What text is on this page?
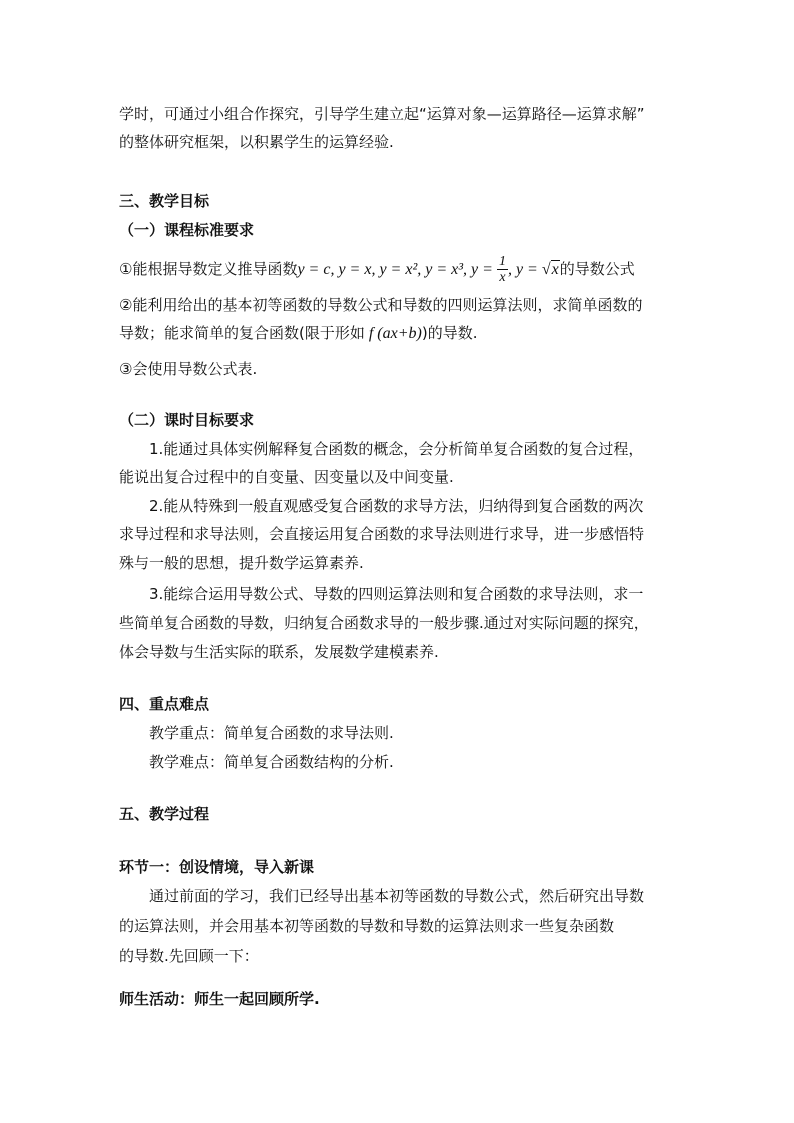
学时，可通过小组合作探究，引导学生建立起“运算对象—运算路径—运算求解”
的整体研究框架，以积累学生的运算经验.
三、教学目标
（一）课程标准要求
①能根据导数定义推导函数y = c, y = x, y = x², y = x³, $y = \frac{1}{x}$ , y = √x的导数公式
②能利用给出的基本初等函数的导数公式和导数的四则运算法则，求简单函数的
导数；能求简单的复合函数(限于形如 f (ax+b))的导数.
③会使用导数公式表.
（二）课时目标要求
1.能通过具体实例解释复合函数的概念，会分析简单复合函数的复合过程，
能说出复合过程中的自变量、因变量以及中间变量.
2.能从特殊到一般直观感受复合函数的求导方法，归纳得到复合函数的两次
求导过程和求导法则，会直接运用复合函数的求导法则进行求导，进一步感悟特
殊与一般的思想，提升数学运算素养.
3.能综合运用导数公式、导数的四则运算法则和复合函数的求导法则，求一
些简单复合函数的导数，归纳复合函数求导的一般步骤.通过对实际问题的探究，
体会导数与生活实际的联系，发展数学建模素养.
四、重点难点
教学重点：简单复合函数的求导法则.
教学难点：简单复合函数结构的分析.
五、教学过程
环节一：创设情境，导入新课
通过前面的学习，我们已经导出基本初等函数的导数公式，然后研究出导数
的运算法则，并会用基本初等函数的导数和导数的运算法则求一些复杂函数
的导数.先回顾一下：
师生活动：师生一起回顾所学.
